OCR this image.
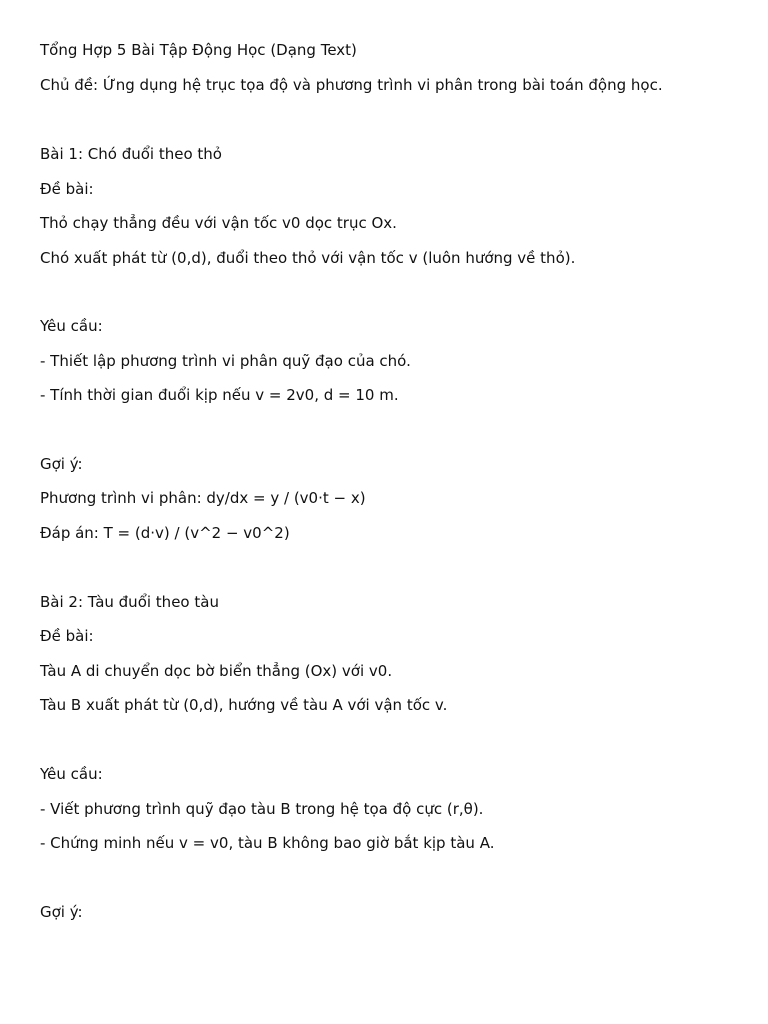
Tổng Hợp 5 Bài Tập Động Học (Dạng Text)
Chủ đề: Ứng dụng hệ trục tọa độ và phương trình vi phân trong bài toán động học.
Bài 1: Chó đuổi theo thỏ
Đề bài:
Thỏ chạy thẳng đều với vận tốc v0 dọc trục Ox.
Chó xuất phát từ (0,d), đuổi theo thỏ với vận tốc v (luôn hướng về thỏ).
Yêu cầu:
- Thiết lập phương trình vi phân quỹ đạo của chó.
- Tính thời gian đuổi kịp nếu v = 2v0, d = 10 m.
Gợi ý:
Phương trình vi phân: dy/dx = y / (v0·t − x)
Đáp án: T = (d·v) / (v^2 − v0^2)
Bài 2: Tàu đuổi theo tàu
Đề bài:
Tàu A di chuyển dọc bờ biển thẳng (Ox) với v0.
Tàu B xuất phát từ (0,d), hướng về tàu A với vận tốc v.
Yêu cầu:
- Viết phương trình quỹ đạo tàu B trong hệ tọa độ cực (r,θ).
- Chứng minh nếu v = v0, tàu B không bao giờ bắt kịp tàu A.
Gợi ý:
